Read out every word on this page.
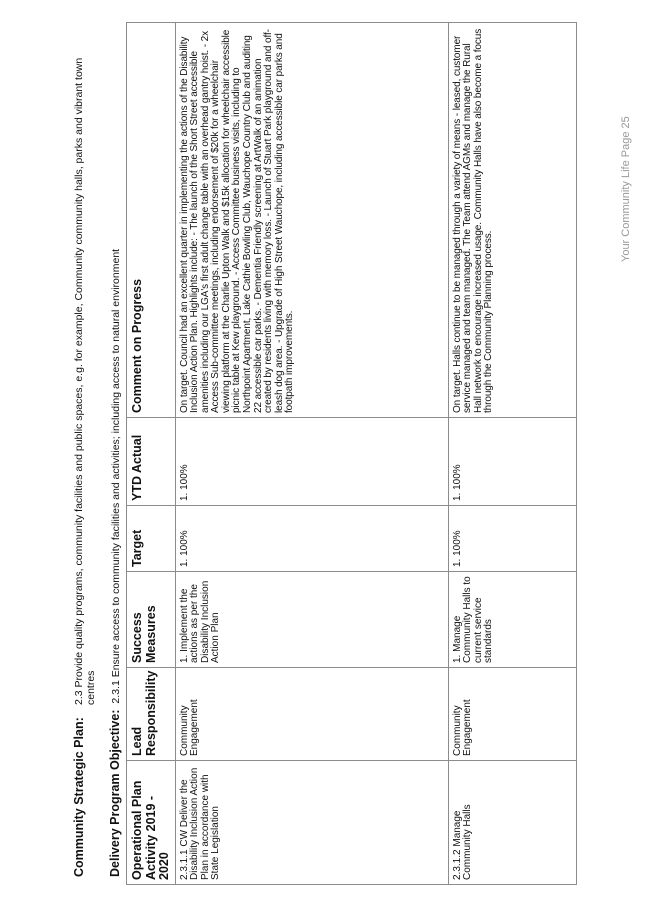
Community Strategic Plan:
2.3 Provide quality programs, community facilities and public spaces, e.g. for example, Community community halls, parks and vibrant town centres
Delivery Program Objective:2.3.1 Ensure access to community facilities and activities; including access to natural environment
Operational Plan Activity 2019 - 2020	Lead Responsibility	Success Measures	Target	YTD Actual	Comment on Progress
2.3.1.1 CW Deliver the Disability Inclusion Action Plan in accordance with State Legislation	Community Engagement	1. Implement the actions as per the Disability Inclusion Action Plan	1. 100%	1. 100%	On target. Council had an excellent quarter in implementing the actions of the Disability Inclusion Action Plan. Highlights include: - The launch of the Short Street accessible amenities including our LGA's first adult change table with an overhead gantry hoist. - 2x Access Sub-committee meetings, including endorsement of $20k for a wheelchair viewing platform at the Charlie Upton Walk and $15k allocation for wheelchair accessible picnic table at Kew playground. - Access Committee business visits, including to Northpoint Apartment, Lake Cathie Bowling Club, Wauchope Country Club and auditing 22 accessible car parks. - Dementia Friendly screening at ArtWalk of an animation created by residents living with memory loss. - Launch of Stuart Park playground and off-leash dog area. - Upgrade of High Street Wauchope, including accessible car parks and footpath improvements.
2.3.1.2 Manage Community Halls	Community Engagement	1. Manage Community Halls to current service standards	1. 100%	1. 100%	On target. Halls continue to be managed through a variety of means - leased, customer service managed and team managed. The Team attend AGMs and manage the Rural Hall network to encourage increased usage. Community Halls have also become a focus through the Community Planning process.
Your Community Life Page 25
